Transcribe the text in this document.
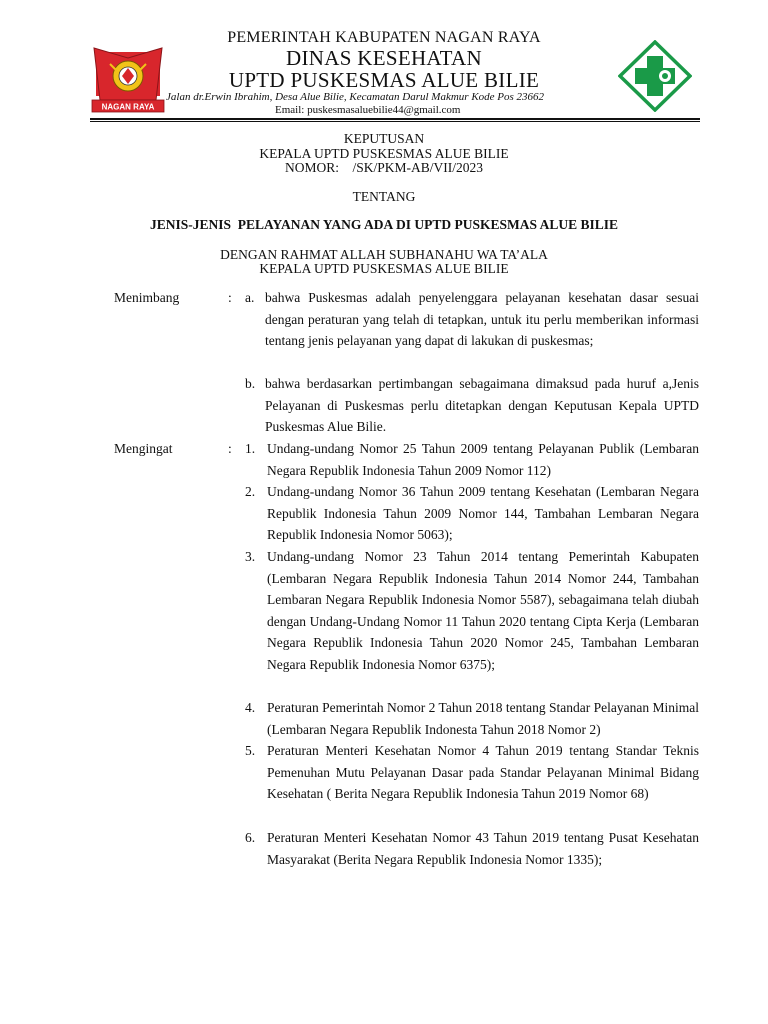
NAGAN RAYA
PEMERINTAH KABUPATEN NAGAN RAYA
DINAS KESEHATAN
UPTD PUSKESMAS ALUE BILIE
Jalan dr.Erwin Ibrahim, Desa Alue Bilie, Kecamatan Darul Makmur Kode Pos 23662
Email: puskesmasaluebilie44@gmail.com
KEPUTUSAN
KEPALA UPTD PUSKESMAS ALUE BILIE
NOMOR:    /SK/PKM-AB/VII/2023
TENTANG
JENIS-JENIS  PELAYANAN YANG ADA DI UPTD PUSKESMAS ALUE BILIE
DENGAN RAHMAT ALLAH SUBHANAHU WA TA’ALA
KEPALA UPTD PUSKESMAS ALUE BILIE
Menimbang	: a. bahwa Puskesmas adalah penyelenggara pelayanan kesehatan dasar sesuai dengan peraturan yang telah di tetapkan, untuk itu perlu memberikan informasi tentang jenis pelayanan yang dapat di lakukan di puskesmas;

b. bahwa berdasarkan pertimbangan sebagaimana dimaksud pada huruf a,Jenis Pelayanan di Puskesmas perlu ditetapkan dengan Keputusan Kepala UPTD Puskesmas Alue Bilie.

Mengingat	: 1. Undang-undang Nomor 25 Tahun 2009 tentang Pelayanan Publik (Lembaran Negara Republik Indonesia Tahun 2009 Nomor 112)

2. Undang-undang Nomor 36 Tahun 2009 tentang Kesehatan (Lembaran Negara Republik Indonesia Tahun 2009 Nomor 144, Tambahan Lembaran Negara Republik Indonesia Nomor 5063);

3. Undang-undang Nomor 23 Tahun 2014 tentang Pemerintah Kabupaten (Lembaran Negara Republik Indonesia Tahun 2014 Nomor 244, Tambahan Lembaran Negara Republik Indonesia Nomor 5587), sebagaimana telah diubah dengan Undang-Undang Nomor 11 Tahun 2020 tentang Cipta Kerja (Lembaran Negara Republik Indonesia Tahun 2020 Nomor 245, Tambahan Lembaran Negara Republik Indonesia Nomor 6375);

4. Peraturan Pemerintah Nomor 2 Tahun 2018 tentang Standar Pelayanan Minimal (Lembaran Negara Republik Indonesta Tahun 2018 Nomor 2)

5. Peraturan Menteri Kesehatan Nomor 4 Tahun 2019 tentang Standar Teknis Pemenuhan Mutu Pelayanan Dasar pada Standar Pelayanan Minimal Bidang Kesehatan ( Berita Negara Republik Indonesia Tahun 2019 Nomor 68)

6. Peraturan Menteri Kesehatan Nomor 43 Tahun 2019 tentang Pusat Kesehatan Masyarakat (Berita Negara Republik Indonesia Nomor 1335);
